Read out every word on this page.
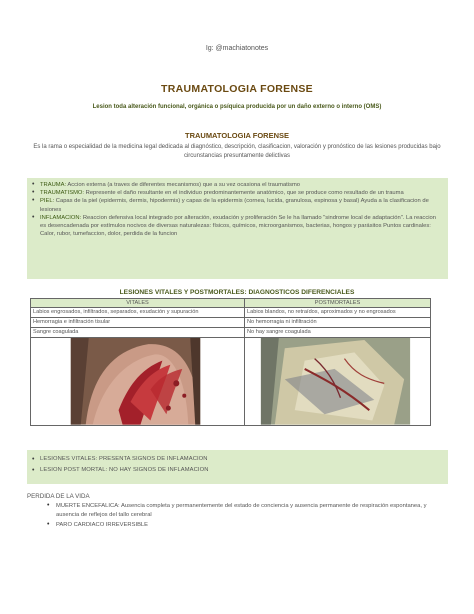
Ig: @machiatonotes
TRAUMATOLOGIA FORENSE
Lesion toda alteración funcional, orgánica o psíquica producida por un daño externo o interno (OMS)
TRAUMATOLOGIA FORENSE
Es la rama o especialidad de la medicina legal dedicada al diagnóstico, descripción, clasificacion, valoración y pronóstico de las lesiones producidas bajo circunstancias presuntamente delictivas
• TRAUMA: Accion externa (a traves de diferentes mecanismos) que a su vez ocasiona el traumatismo
• TRAUMATISMO: Represente el daño resultante en el individuo predominantemente anatómico, que se produce como resultado de un trauma
• PIEL: Capas de la piel (epidermis, dermis, hipodermis) y capas de la epidermis (cornea, lucida, granulosa, espinosa y basal) Ayuda a la clasificacion de lesiones
• INFLAMACION: Reaccion defensiva local integrado por alteración, exudación y proliferación Se le ha llamado "sindrome local de adaptación". La reaccion es desencadenada por estímulos nocivos de diversas naturalezas: físicos, químicos, microorganismos, bacterias, hongos y parásitos Puntos cardinales: Calor, rubor, tumefaccion, dolor, perdida de la funcion
LESIONES VITALES Y POSTMORTALES: DIAGNOSTICOS DIFERENCIALES
VITALES	POSTMORTALES
Labios engrosados, infiltrados, separados, exudación y supuración	Labios blandos, no retraídos, aproximados y no engrosados
Hemorragia e infiltración tisular	No hemorragia ni infiltración
Sangre coagulada	No hay sangre coagulada

• LESIONES VITALES: PRESENTA SIGNOS DE INFLAMACION
• LESION POST MORTAL: NO HAY SIGNOS DE INFLAMACION
PERDIDA DE LA VIDA
• MUERTE ENCEFALICA: Ausencia completa y permanentemente del estado de conciencia y ausencia permanente de respiración espontanea, y ausencia de reflejos del tallo cerebral
• PARO CARDIACO IRREVERSIBLE
